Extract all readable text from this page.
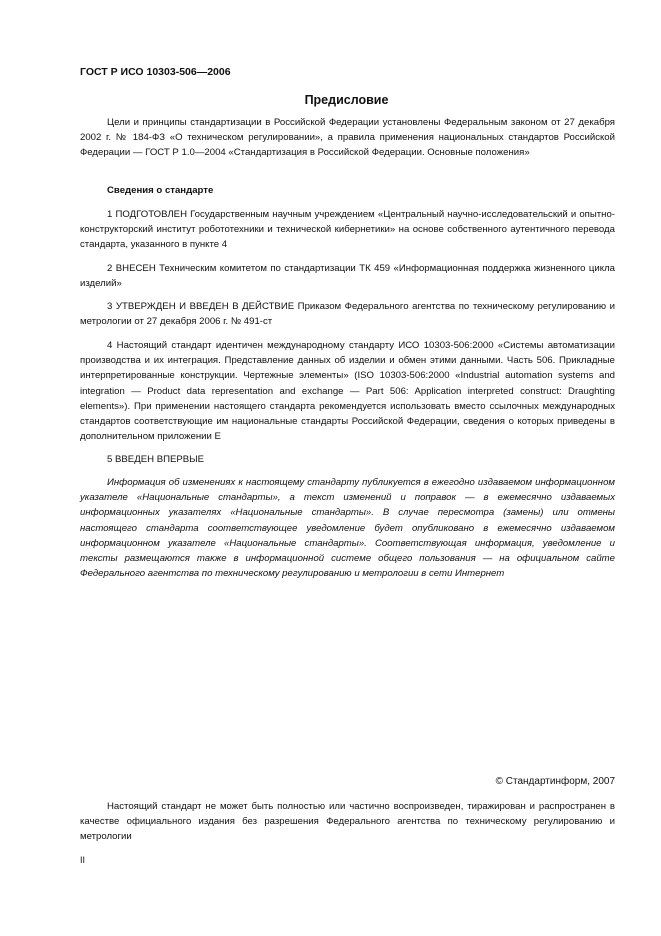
ГОСТ Р ИСО 10303-506—2006
Предисловие

Цели и принципы стандартизации в Российской Федерации установлены Федеральным законом от 27 декабря 2002 г. № 184-ФЗ «О техническом регулировании», а правила применения национальных стандартов Российской Федерации — ГОСТ Р 1.0—2004 «Стандартизация в Российской Федерации. Основные положения»

Сведения о стандарте

1 ПОДГОТОВЛЕН Государственным научным учреждением «Центральный научно-исследовательский и опытно-конструкторский институт робототехники и технической кибернетики» на основе собственного аутентичного перевода стандарта, указанного в пункте 4

2 ВНЕСЕН Техническим комитетом по стандартизации ТК 459 «Информационная поддержка жизненного цикла изделий»

3 УТВЕРЖДЕН И ВВЕДЕН В ДЕЙСТВИЕ Приказом Федерального агентства по техническому регулированию и метрологии от 27 декабря 2006 г. № 491-ст

4 Настоящий стандарт идентичен международному стандарту ИСО 10303-506:2000 «Системы автоматизации производства и их интеграция. Представление данных об изделии и обмен этими данными. Часть 506. Прикладные интерпретированные конструкции. Чертежные элементы» (ISO 10303-506:2000 «Industrial automation systems and integration — Product data representation and exchange — Part 506: Application interpreted construct: Draughting elements»). При применении настоящего стандарта рекомендуется использовать вместо ссылочных международных стандартов соответствующие им национальные стандарты Российской Федерации, сведения о которых приведены в дополнительном приложении Е

5 ВВЕДЕН ВПЕРВЫЕ

Информация об изменениях к настоящему стандарту публикуется в ежегодно издаваемом информационном указателе «Национальные стандарты», а текст изменений и поправок — в ежемесячно издаваемых информационных указателях «Национальные стандарты». В случае пересмотра (замены) или отмены настоящего стандарта соответствующее уведомление будет опубликовано в ежемесячно издаваемом информационном указателе «Национальные стандарты». Соответствующая информация, уведомление и тексты размещаются также в информационной системе общего пользования — на официальном сайте Федерального агентства по техническому регулированию и метрологии в сети Интернет

© Стандартинформ, 2007

Настоящий стандарт не может быть полностью или частично воспроизведен, тиражирован и распространен в качестве официального издания без разрешения Федерального агентства по техническому регулированию и метрологии

II
